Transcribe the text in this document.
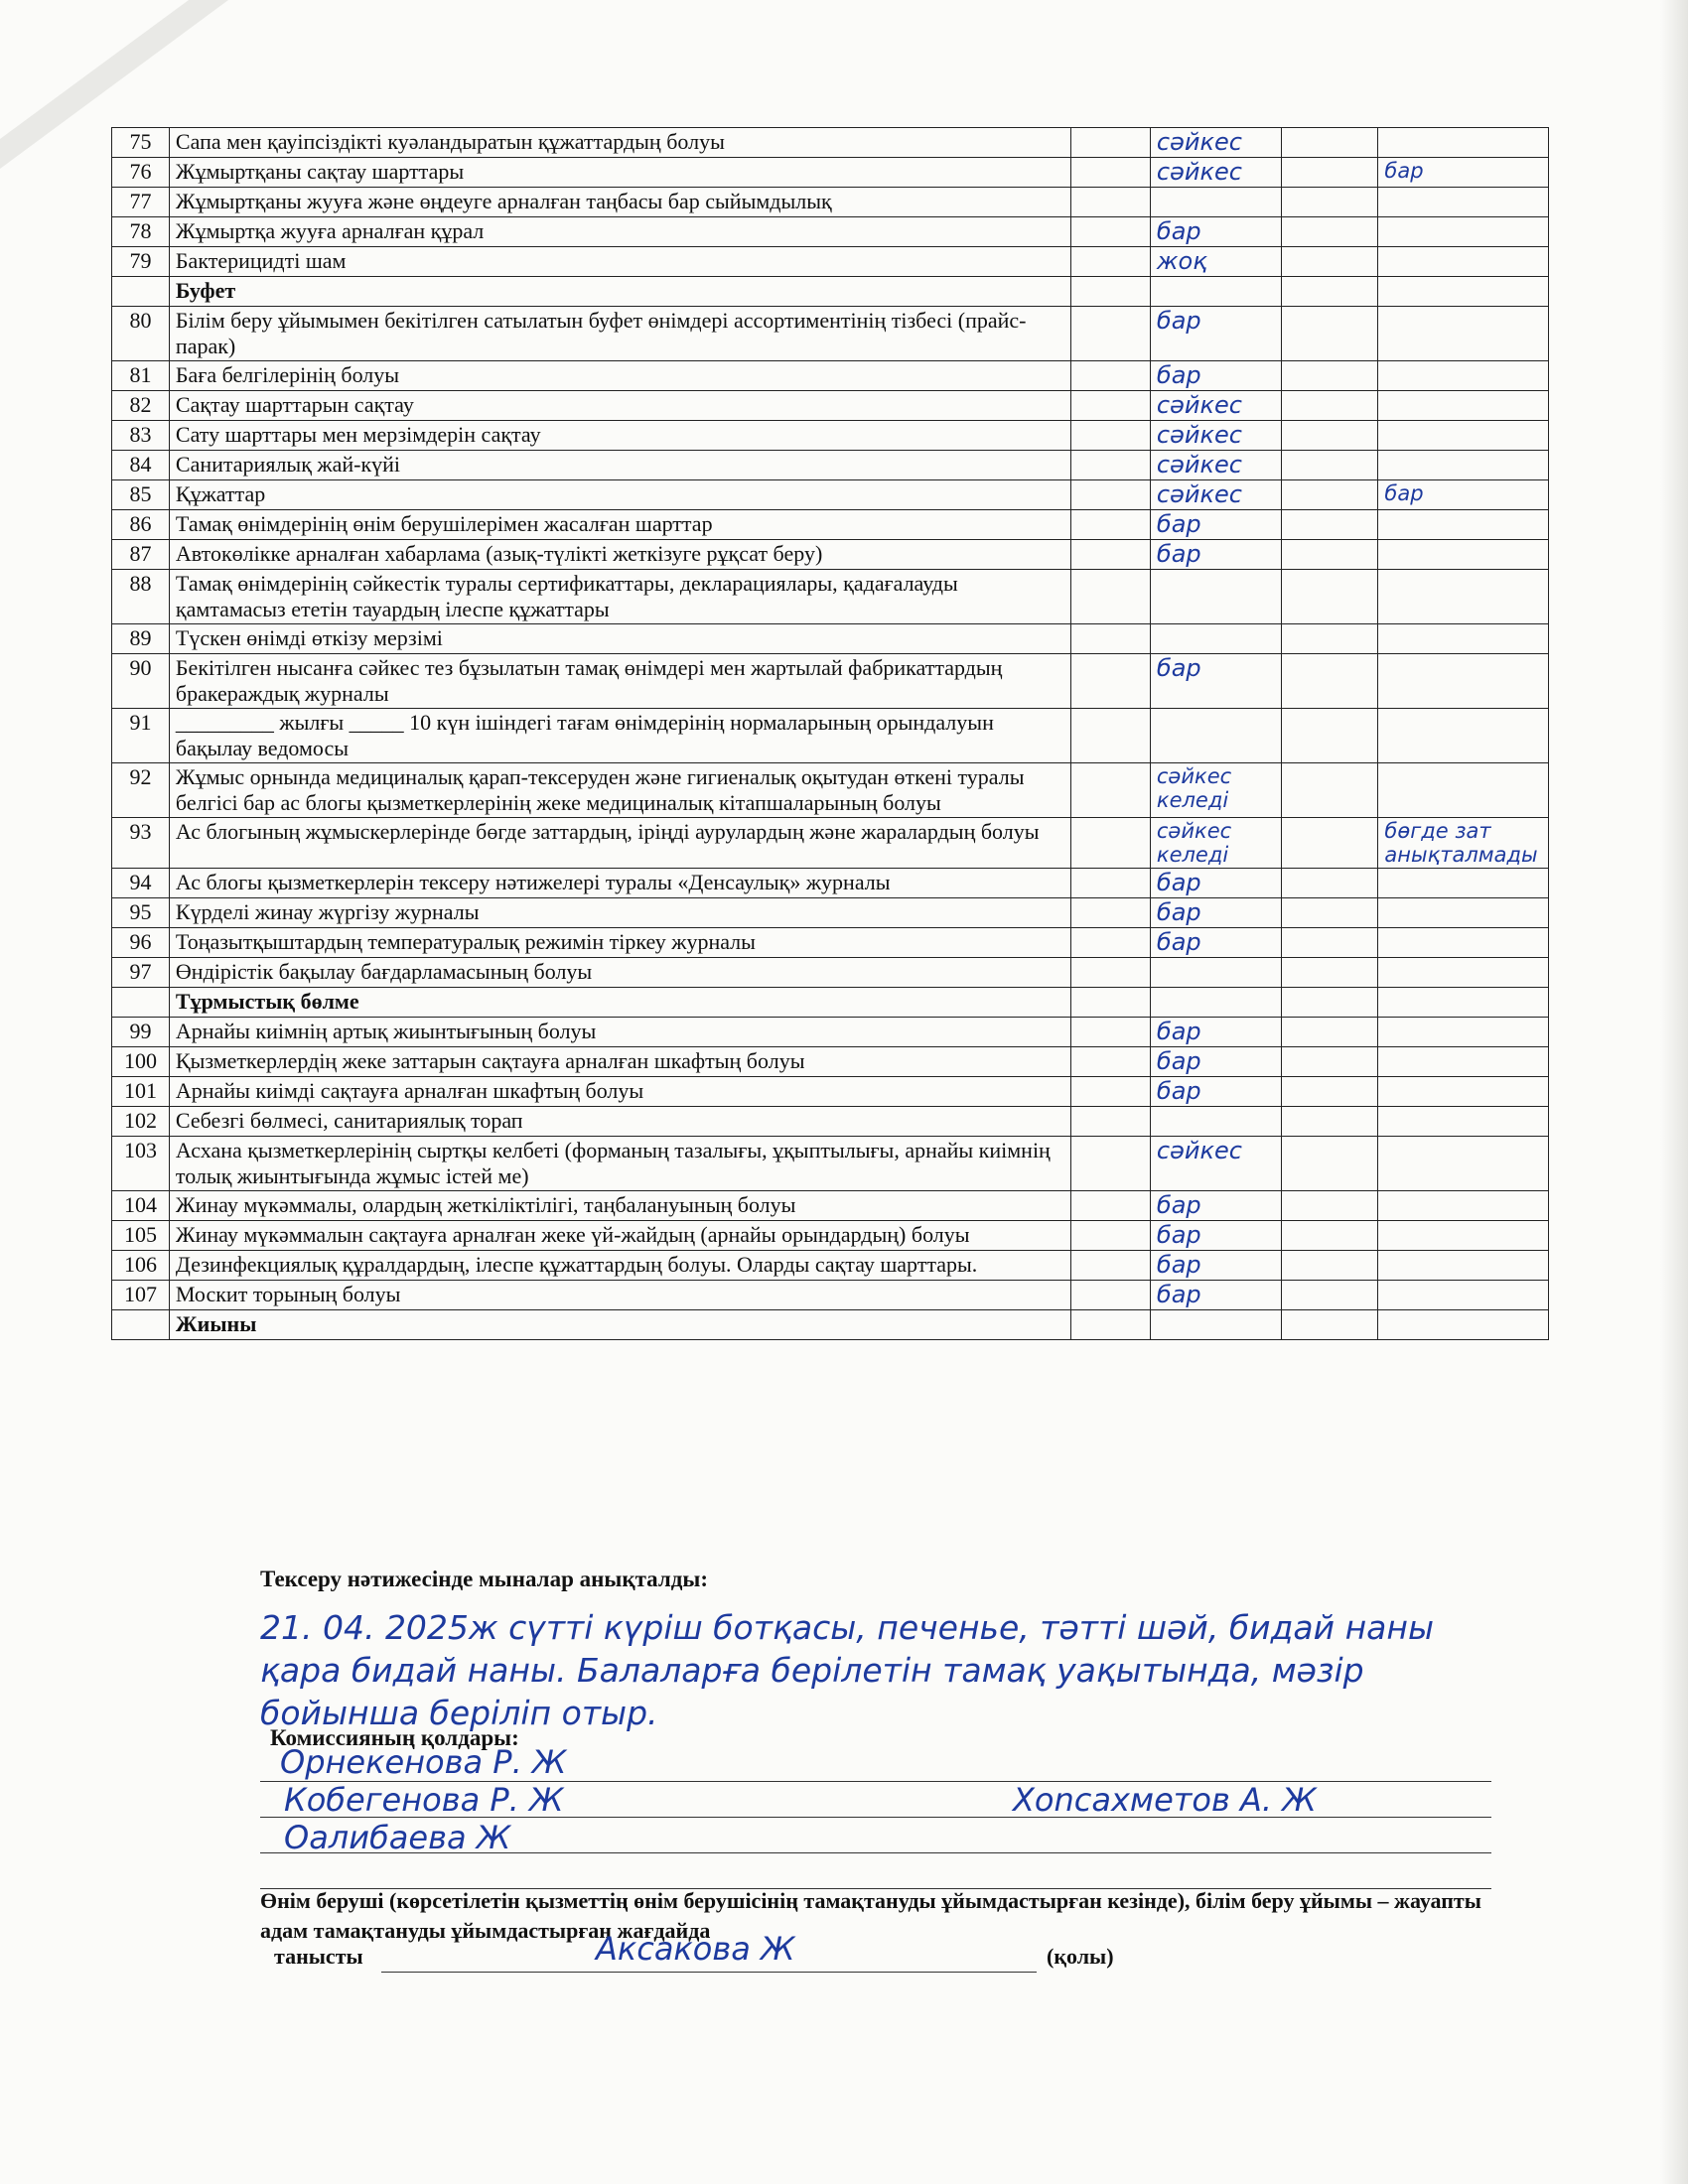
75	Сапа мен қауіпсіздікті куәландыратын құжаттардың болуы		сәйкес		

76	Жұмыртқаны сақтау шарттары		сәйкес		бар

77	Жұмыртқаны жууға және өңдеуге арналған таңбасы бар сыйымдылық				

78	Жұмыртқа жууға арналған құрал		бар		

79	Бактерицидті шам		жоқ		

	Буфет				

80	Білім беру ұйымымен бекітілген сатылатын буфет өнімдері ассортиментінің тізбесі (прайс-парак)		бар		

81	Баға белгілерінің болуы		бар		

82	Сақтау шарттарын сақтау		сәйкес		

83	Сату шарттары мен мерзімдерін сақтау		сәйкес		

84	Санитариялық жай-күйі		сәйкес		

85	Құжаттар		сәйкес		бар

86	Тамақ өнімдерінің өнім берушілерімен жасалған шарттар		бар		

87	Автокөлікке арналған хабарлама (азық-түлікті жеткізуге рұқсат беру)		бар		

88	Тамақ өнімдерінің сәйкестік туралы сертификаттары, декларациялары, қадағалауды қамтамасыз ететін тауардың ілеспе құжаттары				

89	Түскен өнімді өткізу мерзімі				

90	Бекітілген нысанға сәйкес тез бұзылатын тамақ өнімдері мен жартылай фабрикаттардың бракераждық журналы		бар		

91	_________ жылғы _____ 10 күн ішіндегі тағам өнімдерінің нормаларының орындалуын бақылау ведомосы				

92	Жұмыс орнында медициналық қарап-тексеруден және гигиеналық оқытудан өткені туралы белгісі бар ас блогы қызметкерлерінің жеке медициналық кітапшаларының болуы		сәйкес келеді		

93	Ас блогының жұмыскерлерінде бөгде заттардың, іріңді аурулардың және жаралардың болуы		сәйкес келеді		бөгде зат анықталмады

94	Ас блогы қызметкерлерін тексеру нәтижелері туралы «Денсаулық» журналы		бар		

95	Күрделі жинау жүргізу журналы		бар		

96	Тоңазытқыштардың температуралық режимін тіркеу журналы		бар		

97	Өндірістік бақылау бағдарламасының болуы				

	Тұрмыстық бөлме				

99	Арнайы киімнің артық жиынтығының болуы		бар		

100	Қызметкерлердің жеке заттарын сақтауға арналған шкафтың болуы		бар		

101	Арнайы киімді сақтауға арналған шкафтың болуы		бар		

102	Себезгі бөлмесі, санитариялық торап				

103	Асхана қызметкерлерінің сыртқы келбеті (форманың тазалығы, ұқыптылығы, арнайы киімнің толық жиынтығында жұмыс істей ме)		сәйкес		

104	Жинау мүкәммалы, олардың жеткіліктілігі, таңбалануының болуы		бар		

105	Жинау мүкәммалын сақтауға арналған жеке үй-жайдың (арнайы орындардың) болуы		бар		

106	Дезинфекциялық құралдардың, ілеспе құжаттардың болуы. Оларды сақтау шарттары.		бар		

107	Москит торының болуы		бар		

	Жиыны				
Тексеру нәтижесінде мыналар анықталды:
21. 04. 2025ж сүтті күріш ботқасы, печенье, тәтті шәй, бидай наны қара бидай наны. Балаларға берілетін тамақ уақытында, мәзір бойынша беріліп отыр.
Комиссияның қолдары:
Орнекенова Р. Ж
Кобегенова Р. Ж	Хоnсахметов А. Ж
Оалибаева Ж
Өнім беруші (көрсетілетін қызметтің өнім берушісінің тамақтануды ұйымдастырған кезінде), білім беру ұйымы – жауапты адам тамақтануды ұйымдастырған жағдайда
танысты	Аксакова Ж	(қолы)
